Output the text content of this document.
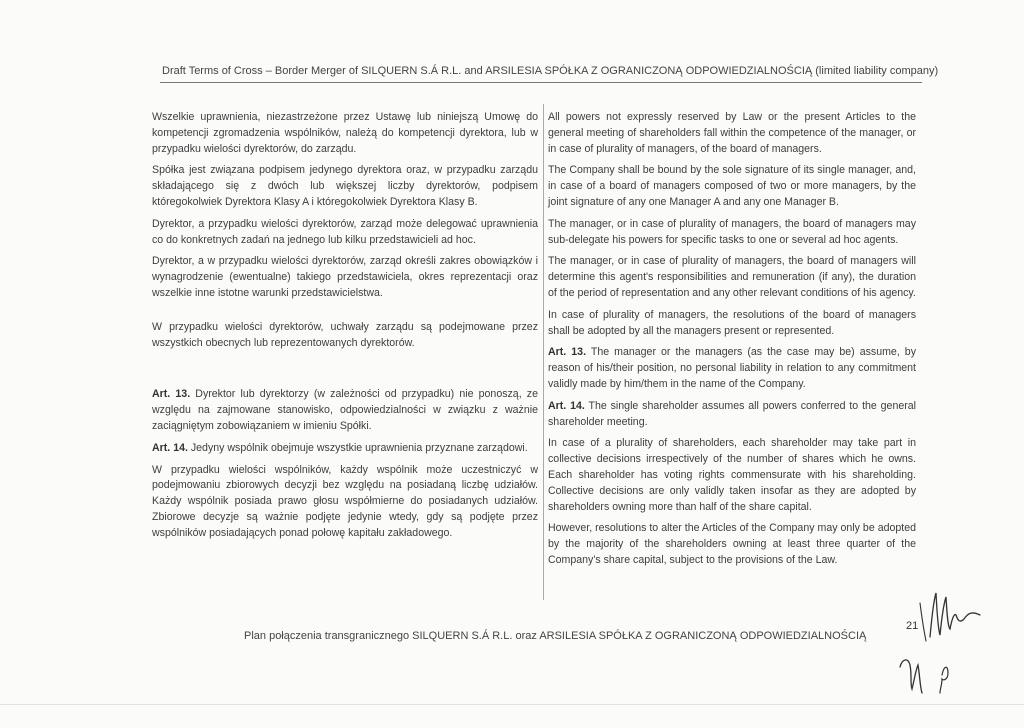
Draft Terms of Cross – Border Merger of SILQUERN S.Á R.L. and ARSILESIA SPÓŁKA Z OGRANICZONĄ ODPOWIEDZIALNOŚCIĄ (limited liability company)

Wszelkie uprawnienia, niezastrzeżone przez Ustawę lub niniejszą Umowę do kompetencji zgromadzenia wspólników, należą do kompetencji dyrektora, lub w przypadku wielości dyrektorów, do zarządu.

Spółka jest związana podpisem jedynego dyrektora oraz, w przypadku zarządu składającego się z dwóch lub większej liczby dyrektorów, podpisem któregokolwiek Dyrektora Klasy A i któregokolwiek Dyrektora Klasy B.

Dyrektor, a przypadku wielości dyrektorów, zarząd może delegować uprawnienia co do konkretnych zadań na jednego lub kilku przedstawicieli ad hoc.

Dyrektor, a w przypadku wielości dyrektorów, zarząd określi zakres obowiązków i wynagrodzenie (ewentualne) takiego przedstawiciela, okres reprezentacji oraz wszelkie inne istotne warunki przedstawicielstwa.

W przypadku wielości dyrektorów, uchwały zarządu są podejmowane przez wszystkich obecnych lub reprezentowanych dyrektorów.

Art. 13. Dyrektor lub dyrektorzy (w zależności od przypadku) nie ponoszą, ze względu na zajmowane stanowisko, odpowiedzialności w związku z ważnie zaciągniętym zobowiązaniem w imieniu Spółki.

Art. 14. Jedyny wspólnik obejmuje wszystkie uprawnienia przyznane zarządowi.

W przypadku wielości wspólników, każdy wspólnik może uczestniczyć w podejmowaniu zbiorowych decyzji bez względu na posiadaną liczbę udziałów. Każdy wspólnik posiada prawo głosu współmierne do posiadanych udziałów. Zbiorowe decyzje są ważnie podjęte jedynie wtedy, gdy są podjęte przez wspólników posiadających ponad połowę kapitału zakładowego.

All powers not expressly reserved by Law or the present Articles to the general meeting of shareholders fall within the competence of the manager, or in case of plurality of managers, of the board of managers.

The Company shall be bound by the sole signature of its single manager, and, in case of a board of managers composed of two or more managers, by the joint signature of any one Manager A and any one Manager B.

The manager, or in case of plurality of managers, the board of managers may sub-delegate his powers for specific tasks to one or several ad hoc agents.

The manager, or in case of plurality of managers, the board of managers will determine this agent's responsibilities and remuneration (if any), the duration of the period of representation and any other relevant conditions of his agency.

In case of plurality of managers, the resolutions of the board of managers shall be adopted by all the managers present or represented.

Art. 13. The manager or the managers (as the case may be) assume, by reason of his/their position, no personal liability in relation to any commitment validly made by him/them in the name of the Company.

Art. 14. The single shareholder assumes all powers conferred to the general shareholder meeting.

In case of a plurality of shareholders, each shareholder may take part in collective decisions irrespectively of the number of shares which he owns. Each shareholder has voting rights commensurate with his shareholding. Collective decisions are only validly taken insofar as they are adopted by shareholders owning more than half of the share capital.

However, resolutions to alter the Articles of the Company may only be adopted by the majority of the shareholders owning at least three quarter of the Company's share capital, subject to the provisions of the Law.

21
Plan połączenia transgranicznego SILQUERN S.Á R.L. oraz ARSILESIA SPÓŁKA Z OGRANICZONĄ ODPOWIEDZIALNOŚCIĄ
